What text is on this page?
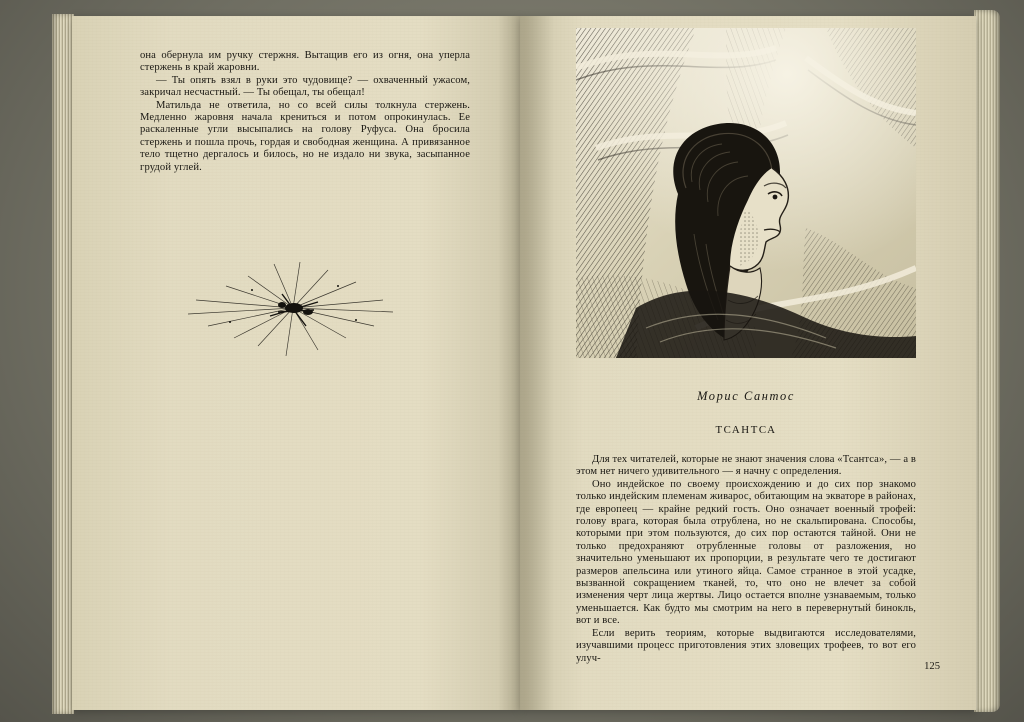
она обернула им ручку стержня. Вытащив его из огня, она уперла стержень в край жаровни.

— Ты опять взял в руки это чудовище? — охваченный ужасом, закричал несчастный. — Ты обещал, ты обещал!

Матильда не ответила, но со всей силы толкнула стержень. Медленно жаровня начала крениться и потом опрокинулась. Ее раскаленные угли высыпались на голову Руфуса. Она бросила стержень и пошла прочь, гордая и свободная женщина. А привязанное тело тщетно дергалось и билось, но не издало ни звука, засыпанное грудой углей.

Морис Сантос
ТСАНТСА

Для тех читателей, которые не знают значения слова «Тсантса», — а в этом нет ничего удивительного — я начну с определения.

Оно индейское по своему происхождению и до сих пор знакомо только индейским племенам живарос, обитающим на экваторе в районах, где европеец — крайне редкий гость. Оно означает военный трофей: голову врага, которая была отрублена, но не скальпирована. Способы, которыми при этом пользуются, до сих пор остаются тайной. Они не только предохраняют отрубленные головы от разложения, но значительно уменьшают их пропорции, в результате чего те достигают размеров апельсина или утиного яйца. Самое странное в этой усадке, вызванной сокращением тканей, то, что оно не влечет за собой изменения черт лица жертвы. Лицо остается вполне узнаваемым, только уменьшается. Как будто мы смотрим на него в перевернутый бинокль, вот и все.

Если верить теориям, которые выдвигаются исследователями, изучавшими процесс приготовления этих зловещих трофеев, то вот его улуч-

125
